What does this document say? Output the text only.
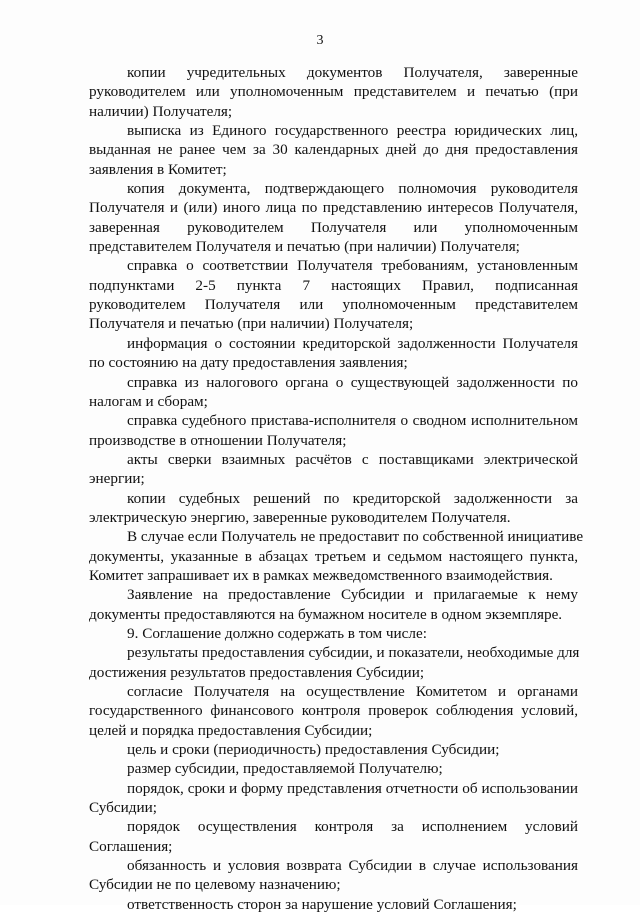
3
копии учредительных документов Получателя, заверенные
руководителем или уполномоченным представителем и печатью (при
наличии) Получателя;
выписка из Единого государственного реестра юридических лиц,
выданная не ранее чем за 30 календарных дней до дня предоставления
заявления в Комитет;
копия документа, подтверждающего полномочия руководителя
Получателя и (или) иного лица по представлению интересов Получателя,
заверенная руководителем Получателя или уполномоченным
представителем Получателя и печатью (при наличии) Получателя;
справка о соответствии Получателя требованиям, установленным
подпунктами 2-5 пункта 7 настоящих Правил, подписанная
руководителем Получателя или уполномоченным представителем
Получателя и печатью (при наличии) Получателя;
информация о состоянии кредиторской задолженности Получателя
по состоянию на дату предоставления заявления;
справка из налогового органа о существующей задолженности по
налогам и сборам;
справка судебного пристава-исполнителя о сводном исполнительном
производстве в отношении Получателя;
акты сверки взаимных расчётов с поставщиками электрической
энергии;
копии судебных решений по кредиторской задолженности за
электрическую энергию, заверенные руководителем Получателя.
В случае если Получатель не предоставит по собственной инициативе
документы, указанные в абзацах третьем и седьмом настоящего пункта,
Комитет запрашивает их в рамках межведомственного взаимодействия.
Заявление на предоставление Субсидии и прилагаемые к нему
документы предоставляются на бумажном носителе в одном экземпляре.
9. Соглашение должно содержать в том числе:
результаты предоставления субсидии, и показатели, необходимые для
достижения результатов предоставления Субсидии;
согласие Получателя на осуществление Комитетом и органами
государственного финансового контроля проверок соблюдения условий,
целей и порядка предоставления Субсидии;
цель и сроки (периодичность) предоставления Субсидии;
размер субсидии, предоставляемой Получателю;
порядок, сроки и форму представления отчетности об использовании
Субсидии;
порядок осуществления контроля за исполнением условий
Соглашения;
обязанность и условия возврата Субсидии в случае использования
Субсидии не по целевому назначению;
ответственность сторон за нарушение условий Соглашения;
